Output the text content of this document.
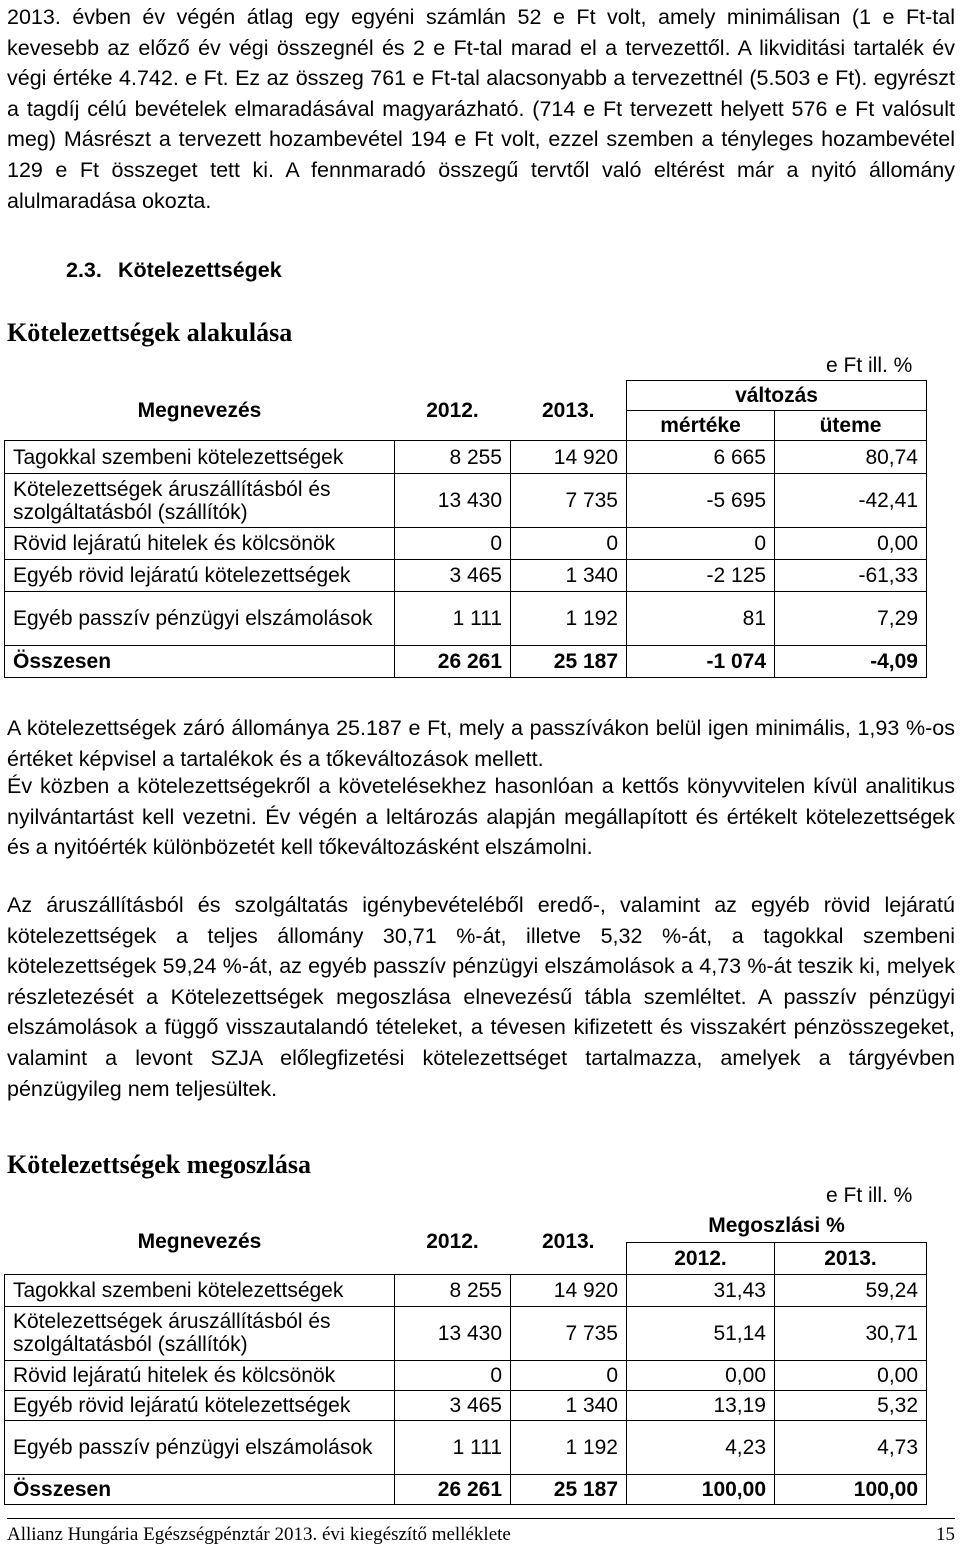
2013. évben év végén átlag egy egyéni számlán 52 e Ft volt, amely minimálisan (1 e Ft-tal kevesebb az előző év végi összegnél és 2 e Ft-tal marad el a tervezettől. A likviditási tartalék év végi értéke 4.742. e Ft. Ez az összeg 761 e Ft-tal alacsonyabb a tervezettnél (5.503 e Ft). egyrészt a tagdíj célú bevételek elmaradásával magyarázható. (714 e Ft tervezett helyett 576 e Ft valósult meg) Másrészt a tervezett hozambevétel 194 e Ft volt, ezzel szemben a tényleges hozambevétel 129 e Ft összeget tett ki. A fennmaradó összegű tervtől való eltérést már a nyitó állomány alulmaradása okozta.

2.3. Kötelezettségek
Kötelezettségek alakulása
e Ft ill. %
Megnevezés	2012.	2013.	változás	
			mértéke	üteme
Tagokkal szembeni kötelezettségek	8 255	14 920	6 665	80,74
Kötelezettségek áruszállításból és szolgáltatásból (szállítók)	13 430	7 735	-5 695	-42,41
Rövid lejáratú hitelek és kölcsönök	0	0	0	0,00
Egyéb rövid lejáratú kötelezettségek	3 465	1 340	-2 125	-61,33
Egyéb passzív pénzügyi elszámolások	1 111	1 192	81	7,29
Összesen	26 261	25 187	-1 074	-4,09

A kötelezettségek záró állománya 25.187 e Ft, mely a passzívákon belül igen minimális, 1,93 %-os értéket képvisel a tartalékok és a tőkeváltozások mellett.

Év közben a kötelezettségekről a követelésekhez hasonlóan a kettős könyvvitelen kívül analitikus nyilvántartást kell vezetni. Év végén a leltározás alapján megállapított és értékelt kötelezettségek és a nyitóérték különbözetét kell tőkeváltozásként elszámolni.

Az áruszállításból és szolgáltatás igénybevételéből eredő-, valamint az egyéb rövid lejáratú kötelezettségek a teljes állomány 30,71 %-át, illetve 5,32 %-át, a tagokkal szembeni kötelezettségek 59,24 %-át, az egyéb passzív pénzügyi elszámolások a 4,73 %-át teszik ki, melyek részletezését a Kötelezettségek megoszlása elnevezésű tábla szemléltet. A passzív pénzügyi elszámolások a függő visszautalandó tételeket, a tévesen kifizetett és visszakért pénzösszegeket, valamint a levont SZJA előlegfizetési kötelezettséget tartalmazza, amelyek a tárgyévben pénzügyileg nem teljesültek.

Kötelezettségek megoszlása
e Ft ill. %
Megnevezés	2012.	2013.	Megoszlási %	
			2012.	2013.
Tagokkal szembeni kötelezettségek	8 255	14 920	31,43	59,24
Kötelezettségek áruszállításból és szolgáltatásból (szállítók)	13 430	7 735	51,14	30,71
Rövid lejáratú hitelek és kölcsönök	0	0	0,00	0,00
Egyéb rövid lejáratú kötelezettségek	3 465	1 340	13,19	5,32
Egyéb passzív pénzügyi elszámolások	1 111	1 192	4,23	4,73
Összesen	26 261	25 187	100,00	100,00
Allianz Hungária Egészségpénztár 2013. évi kiegészítő melléklete	15
